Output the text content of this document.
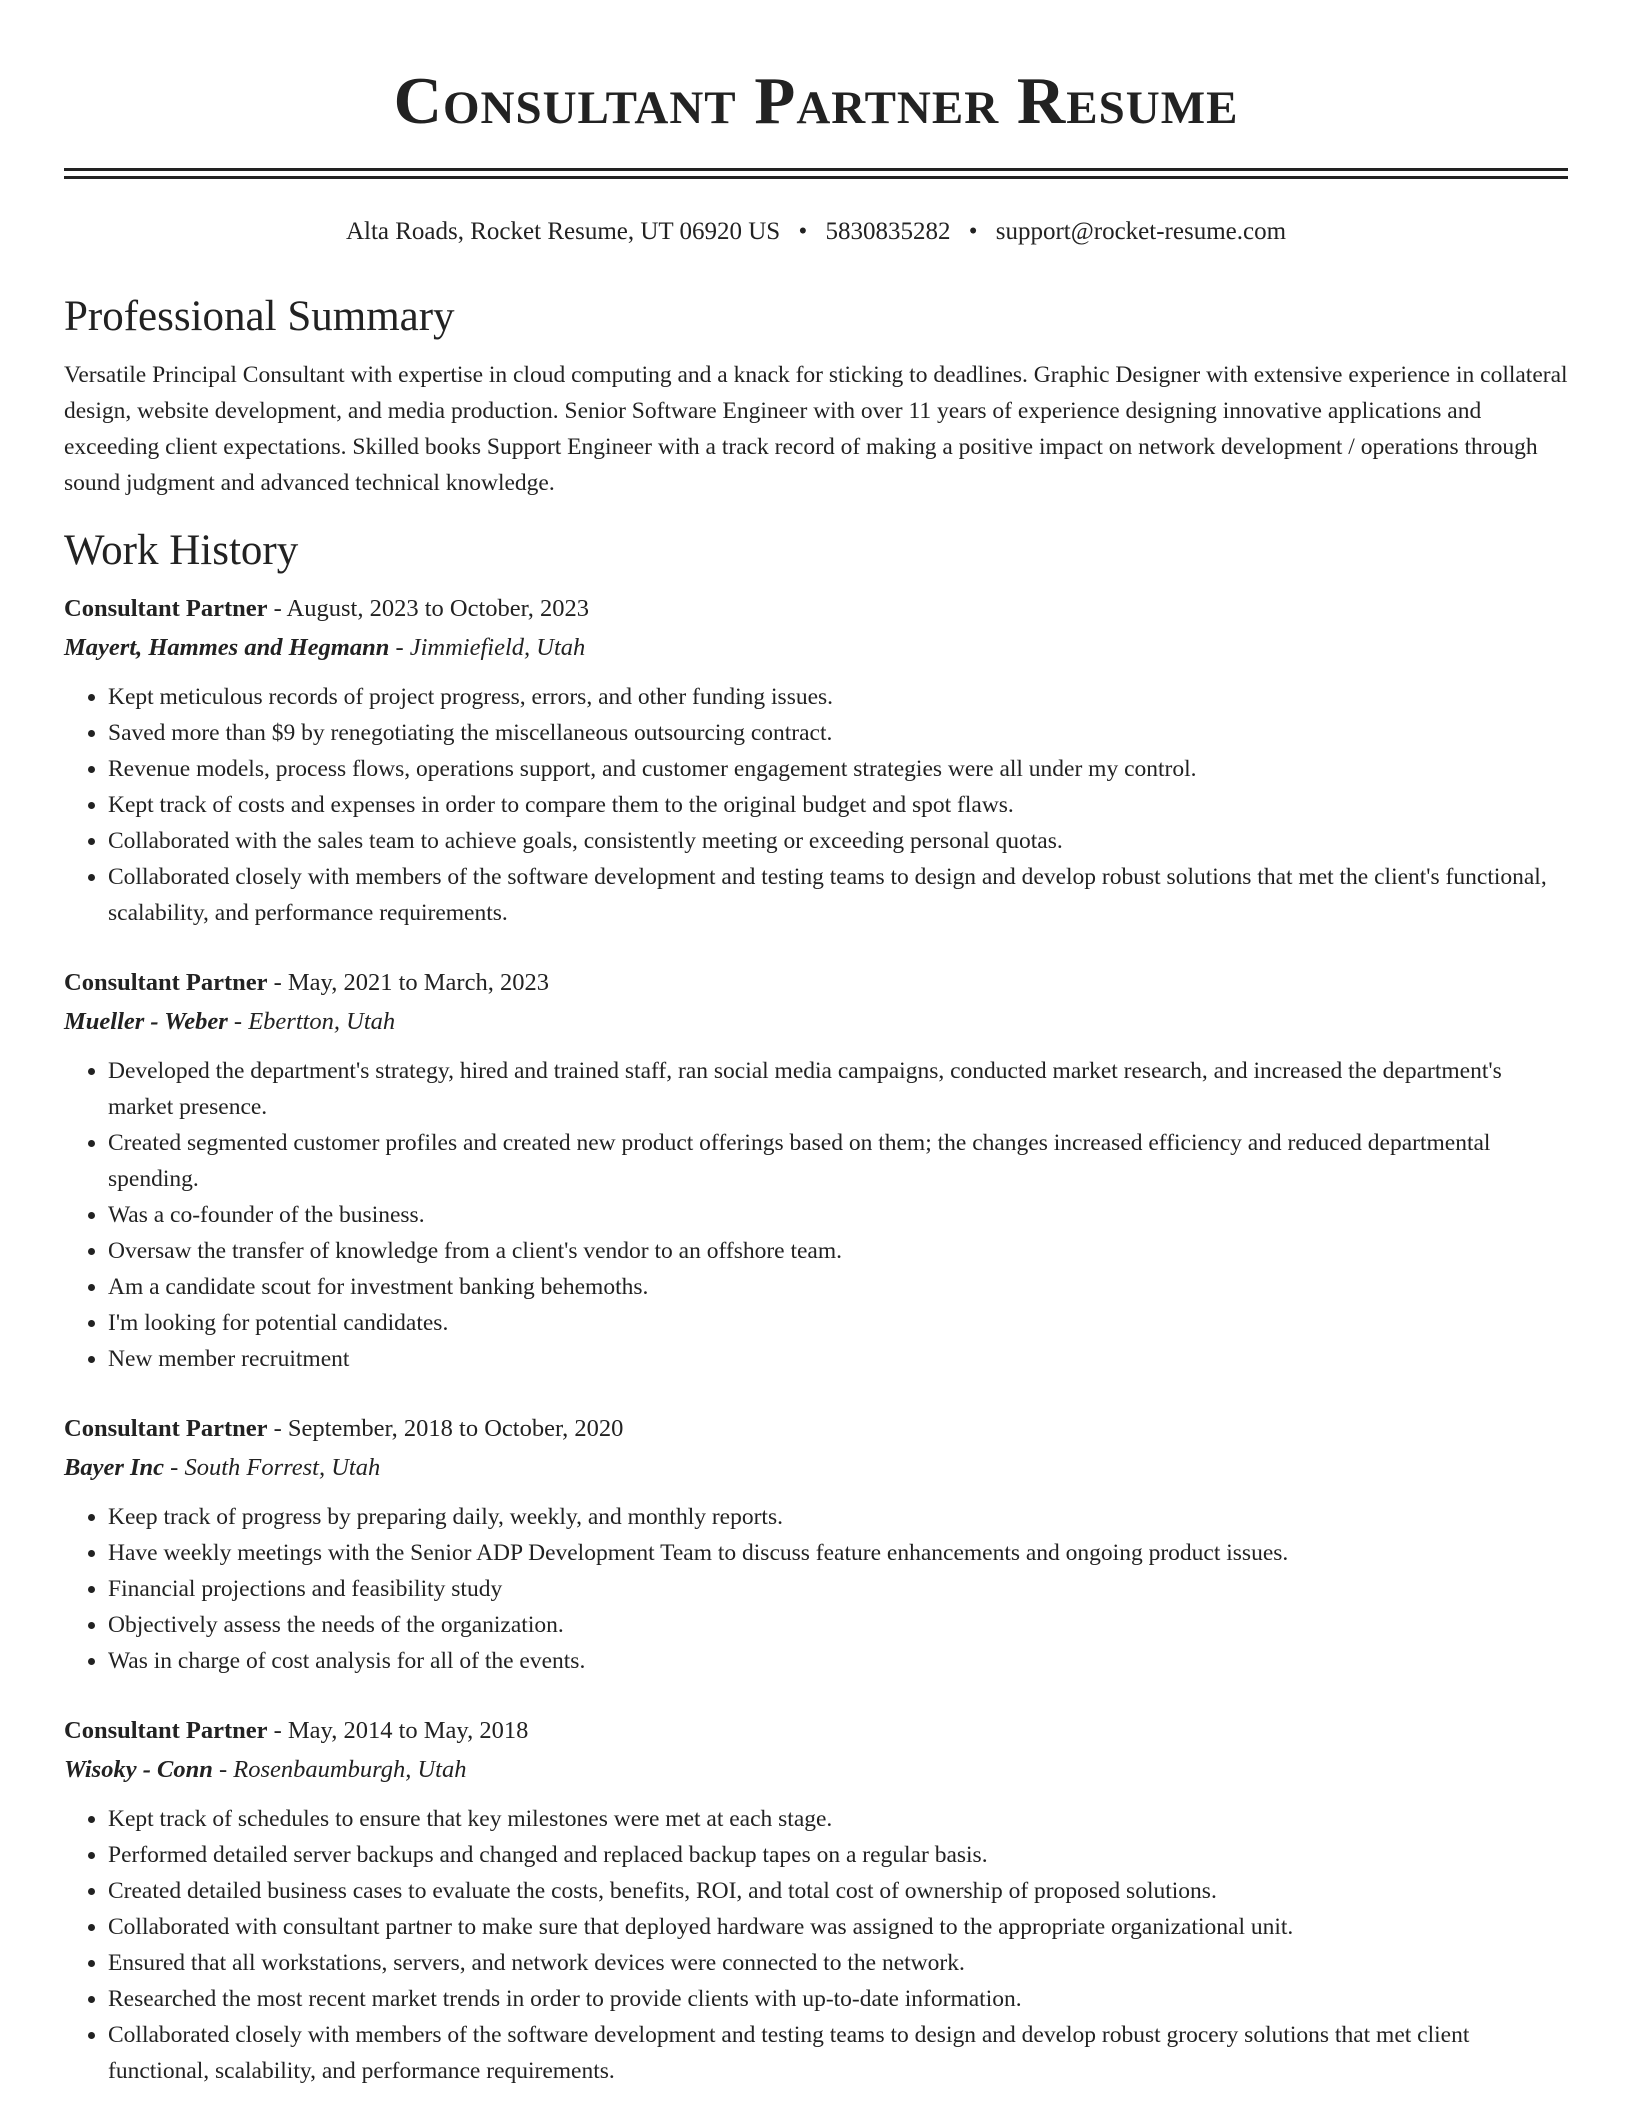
Consultant Partner Resume
Alta Roads, Rocket Resume, UT 06920 US • 5830835282 • support@rocket-resume.com
Professional Summary
Versatile Principal Consultant with expertise in cloud computing and a knack for sticking to deadlines. Graphic Designer with extensive experience in collateral design, website development, and media production. Senior Software Engineer with over 11 years of experience designing innovative applications and exceeding client expectations. Skilled books Support Engineer with a track record of making a positive impact on network development / operations through sound judgment and advanced technical knowledge.
Work History
Consultant Partner - August, 2023 to October, 2023
Mayert, Hammes and Hegmann - Jimmiefield, Utah
• Kept meticulous records of project progress, errors, and other funding issues.
• Saved more than $9 by renegotiating the miscellaneous outsourcing contract.
• Revenue models, process flows, operations support, and customer engagement strategies were all under my control.
• Kept track of costs and expenses in order to compare them to the original budget and spot flaws.
• Collaborated with the sales team to achieve goals, consistently meeting or exceeding personal quotas.
• Collaborated closely with members of the software development and testing teams to design and develop robust solutions that met the client's functional, scalability, and performance requirements.
Consultant Partner - May, 2021 to March, 2023
Mueller - Weber - Ebertton, Utah
• Developed the department's strategy, hired and trained staff, ran social media campaigns, conducted market research, and increased the department's market presence.
• Created segmented customer profiles and created new product offerings based on them; the changes increased efficiency and reduced departmental spending.
• Was a co-founder of the business.
• Oversaw the transfer of knowledge from a client's vendor to an offshore team.
• Am a candidate scout for investment banking behemoths.
• I'm looking for potential candidates.
• New member recruitment
Consultant Partner - September, 2018 to October, 2020
Bayer Inc - South Forrest, Utah
• Keep track of progress by preparing daily, weekly, and monthly reports.
• Have weekly meetings with the Senior ADP Development Team to discuss feature enhancements and ongoing product issues.
• Financial projections and feasibility study
• Objectively assess the needs of the organization.
• Was in charge of cost analysis for all of the events.
Consultant Partner - May, 2014 to May, 2018
Wisoky - Conn - Rosenbaumburgh, Utah
• Kept track of schedules to ensure that key milestones were met at each stage.
• Performed detailed server backups and changed and replaced backup tapes on a regular basis.
• Created detailed business cases to evaluate the costs, benefits, ROI, and total cost of ownership of proposed solutions.
• Collaborated with consultant partner to make sure that deployed hardware was assigned to the appropriate organizational unit.
• Ensured that all workstations, servers, and network devices were connected to the network.
• Researched the most recent market trends in order to provide clients with up-to-date information.
• Collaborated closely with members of the software development and testing teams to design and develop robust grocery solutions that met client functional, scalability, and performance requirements.
